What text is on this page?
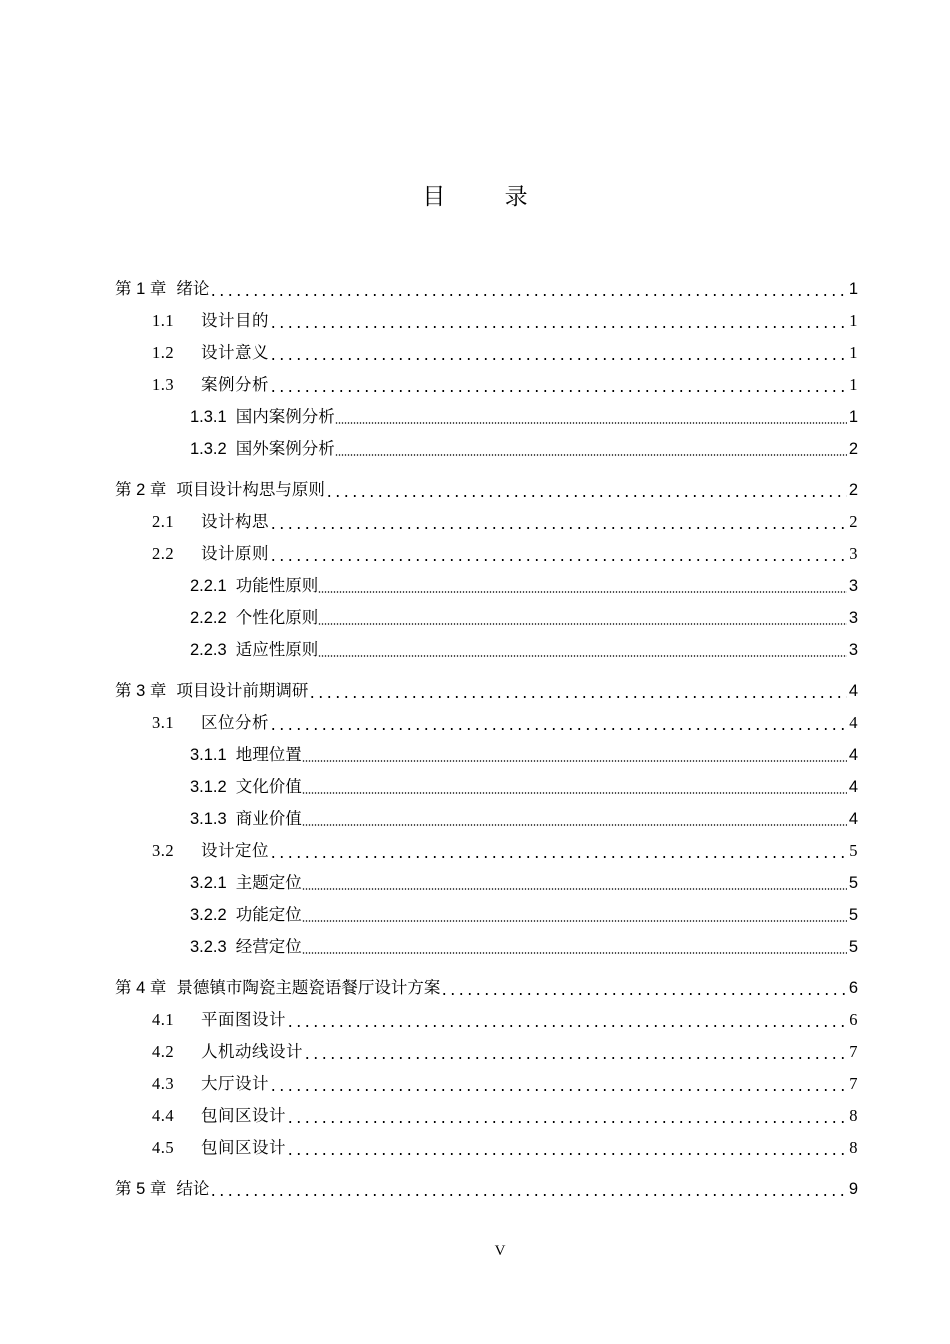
目 录
第 1 章 绪论	1
1.1	设计目的	1
1.2	设计意义	1
1.3	案例分析	1
1.3.1 国内案例分析	1
1.3.2 国外案例分析	2
第 2 章 项目设计构思与原则	2
2.1	设计构思	2
2.2	设计原则	3
2.2.1 功能性原则	3
2.2.2 个性化原则	3
2.2.3 适应性原则	3
第 3 章 项目设计前期调研	4
3.1	区位分析	4
3.1.1 地理位置	4
3.1.2 文化价值	4
3.1.3 商业价值	4
3.2	设计定位	5
3.2.1 主题定位	5
3.2.2 功能定位	5
3.2.3 经营定位	5
第 4 章 景德镇市陶瓷主题瓷语餐厅设计方案	6
4.1	平面图设计	6
4.2	人机动线设计	7
4.3	大厅设计	7
4.4	包间区设计	8
4.5	包间区设计	8
第 5 章 结论	9
V
